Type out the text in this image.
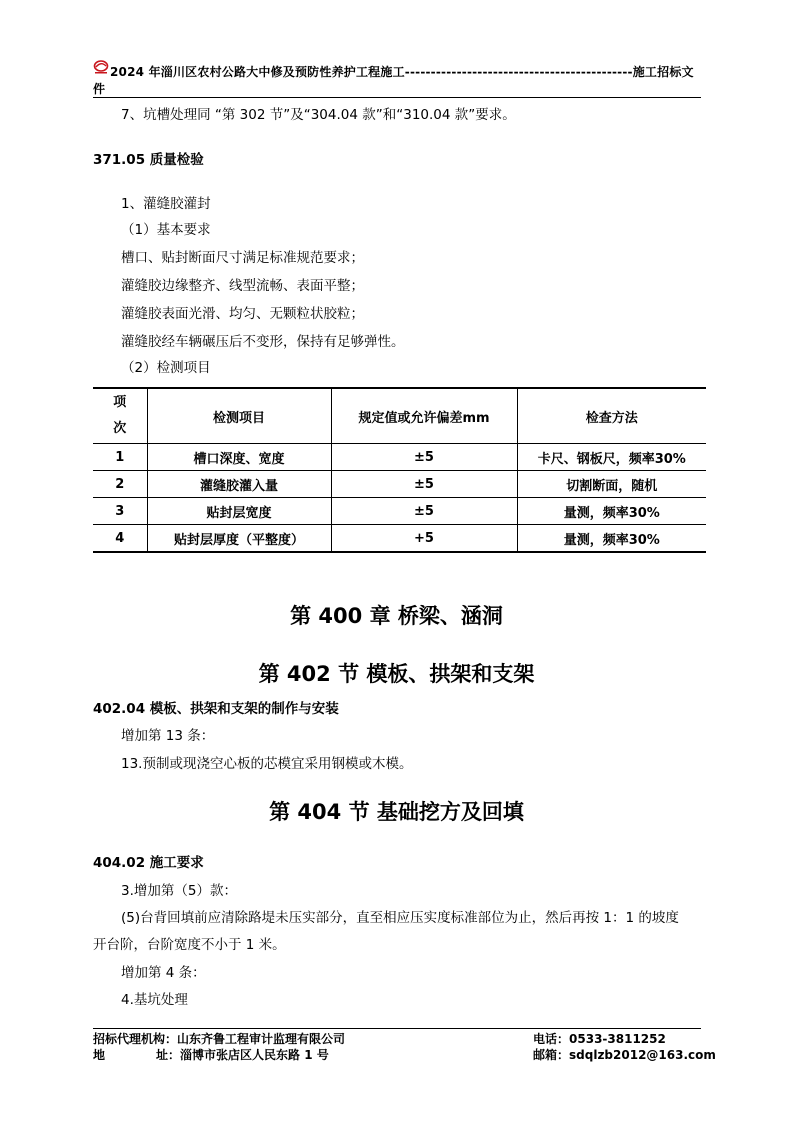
2024 年淄川区农村公路大中修及预防性养护工程施工--------------------------------------------施工招标文
件
7、坑槽处理同 “第 302 节”及“304.04 款”和“310.04 款”要求。
371.05 质量检验
1、灌缝胶灌封
（1）基本要求
槽口、贴封断面尺寸满足标准规范要求；
灌缝胶边缘整齐、线型流畅、表面平整；
灌缝胶表面光滑、均匀、无颗粒状胶粒；
灌缝胶经车辆碾压后不变形，保持有足够弹性。
（2）检测项目
项
次	检测项目	规定值或允许偏差mm	检查方法
1	槽口深度、宽度	±5	卡尺、钢板尺，频率30%
2	灌缝胶灌入量	±5	切割断面，随机
3	贴封层宽度	±5	量测，频率30%
4	贴封层厚度（平整度）	+5	量测，频率30%
第 400 章 桥梁、涵洞
第 402 节 模板、拱架和支架
402.04 模板、拱架和支架的制作与安装
增加第 13 条：
13.预制或现浇空心板的芯模宜采用钢模或木模。
第 404 节 基础挖方及回填
404.02 施工要求
3.增加第（5）款：
(5)台背回填前应清除路堤未压实部分，直至相应压实度标准部位为止，然后再按 1：1 的坡度
开台阶，台阶宽度不小于 1 米。
增加第 4 条：
4.基坑处理
招标代理机构：山东齐鲁工程审计监理有限公司
地	址：淄博市张店区人民东路 1 号
电话：0533-3811252
邮箱：sdqlzb2012@163.com
